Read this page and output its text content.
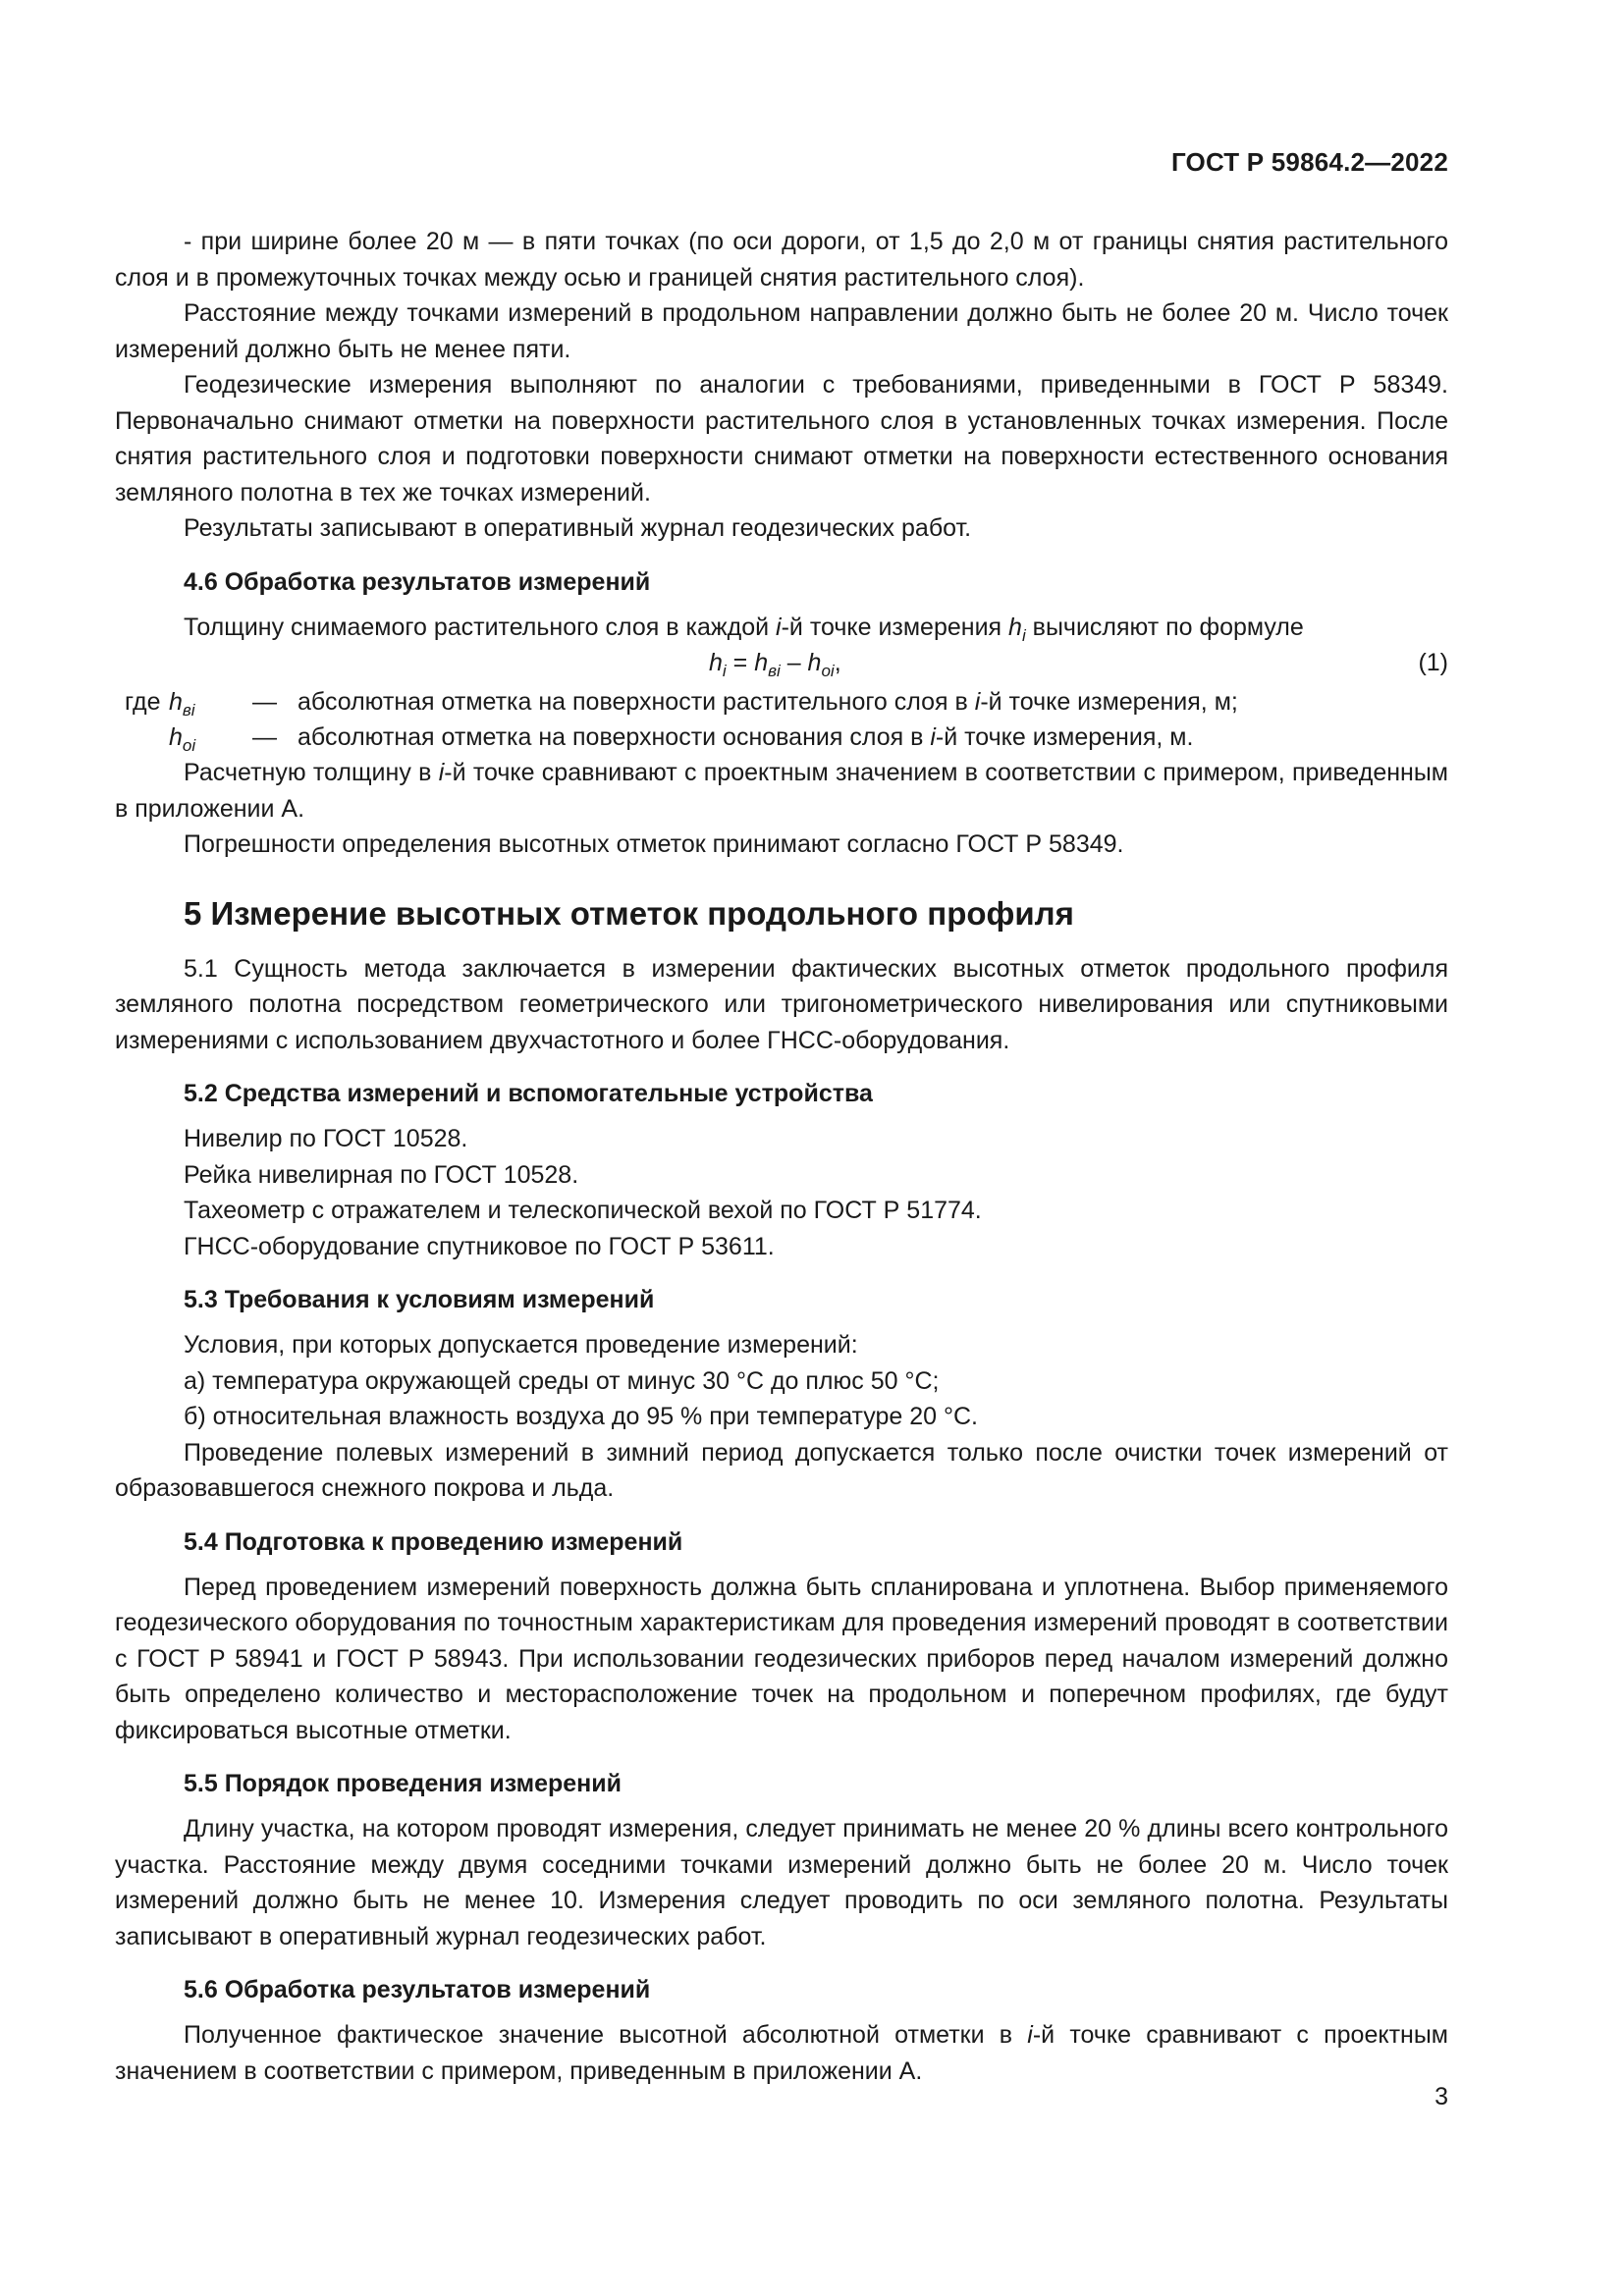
ГОСТ Р 59864.2—2022

- при ширине более 20 м — в пяти точках (по оси дороги, от 1,5 до 2,0 м от границы снятия растительного слоя и в промежуточных точках между осью и границей снятия растительного слоя).

Расстояние между точками измерений в продольном направлении должно быть не более 20 м. Число точек измерений должно быть не менее пяти.

Геодезические измерения выполняют по аналогии с требованиями, приведенными в ГОСТ Р 58349. Первоначально снимают отметки на поверхности растительного слоя в установленных точках измерения. После снятия растительного слоя и подготовки поверхности снимают отметки на поверхности естественного основания земляного полотна в тех же точках измерений.

Результаты записывают в оперативный журнал геодезических работ.

4.6 Обработка результатов измерений

Толщину снимаемого растительного слоя в каждой i-й точке измерения $h_i$ вычисляют по формуле

$h_i = h_{вi} - h_{оi}$,	(1)
где $h_{вi}$ — абсолютная отметка на поверхности растительного слоя в i-й точке измерения, м;
$h_{оi}$ — абсолютная отметка на поверхности основания слоя в i-й точке измерения, м.

Расчетную толщину в i-й точке сравнивают с проектным значением в соответствии с примером, приведенным в приложении А.

Погрешности определения высотных отметок принимают согласно ГОСТ Р 58349.

5 Измерение высотных отметок продольного профиля

5.1 Сущность метода заключается в измерении фактических высотных отметок продольного профиля земляного полотна посредством геометрического или тригонометрического нивелирования или спутниковыми измерениями с использованием двухчастотного и более ГНСС-оборудования.

5.2 Средства измерений и вспомогательные устройства

Нивелир по ГОСТ 10528.

Рейка нивелирная по ГОСТ 10528.

Тахеометр с отражателем и телескопической вехой по ГОСТ Р 51774.

ГНСС-оборудование спутниковое по ГОСТ Р 53611.

5.3 Требования к условиям измерений

Условия, при которых допускается проведение измерений:

а) температура окружающей среды от минус 30 °С до плюс 50 °С;

б) относительная влажность воздуха до 95 % при температуре 20 °С.

Проведение полевых измерений в зимний период допускается только после очистки точек измерений от образовавшегося снежного покрова и льда.

5.4 Подготовка к проведению измерений

Перед проведением измерений поверхность должна быть спланирована и уплотнена. Выбор применяемого геодезического оборудования по точностным характеристикам для проведения измерений проводят в соответствии с ГОСТ Р 58941 и ГОСТ Р 58943. При использовании геодезических приборов перед началом измерений должно быть определено количество и месторасположение точек на продольном и поперечном профилях, где будут фиксироваться высотные отметки.

5.5 Порядок проведения измерений

Длину участка, на котором проводят измерения, следует принимать не менее 20 % длины всего контрольного участка. Расстояние между двумя соседними точками измерений должно быть не более 20 м. Число точек измерений должно быть не менее 10. Измерения следует проводить по оси земляного полотна. Результаты записывают в оперативный журнал геодезических работ.

5.6 Обработка результатов измерений

Полученное фактическое значение высотной абсолютной отметки в i-й точке сравнивают с проектным значением в соответствии с примером, приведенным в приложении А.

3
